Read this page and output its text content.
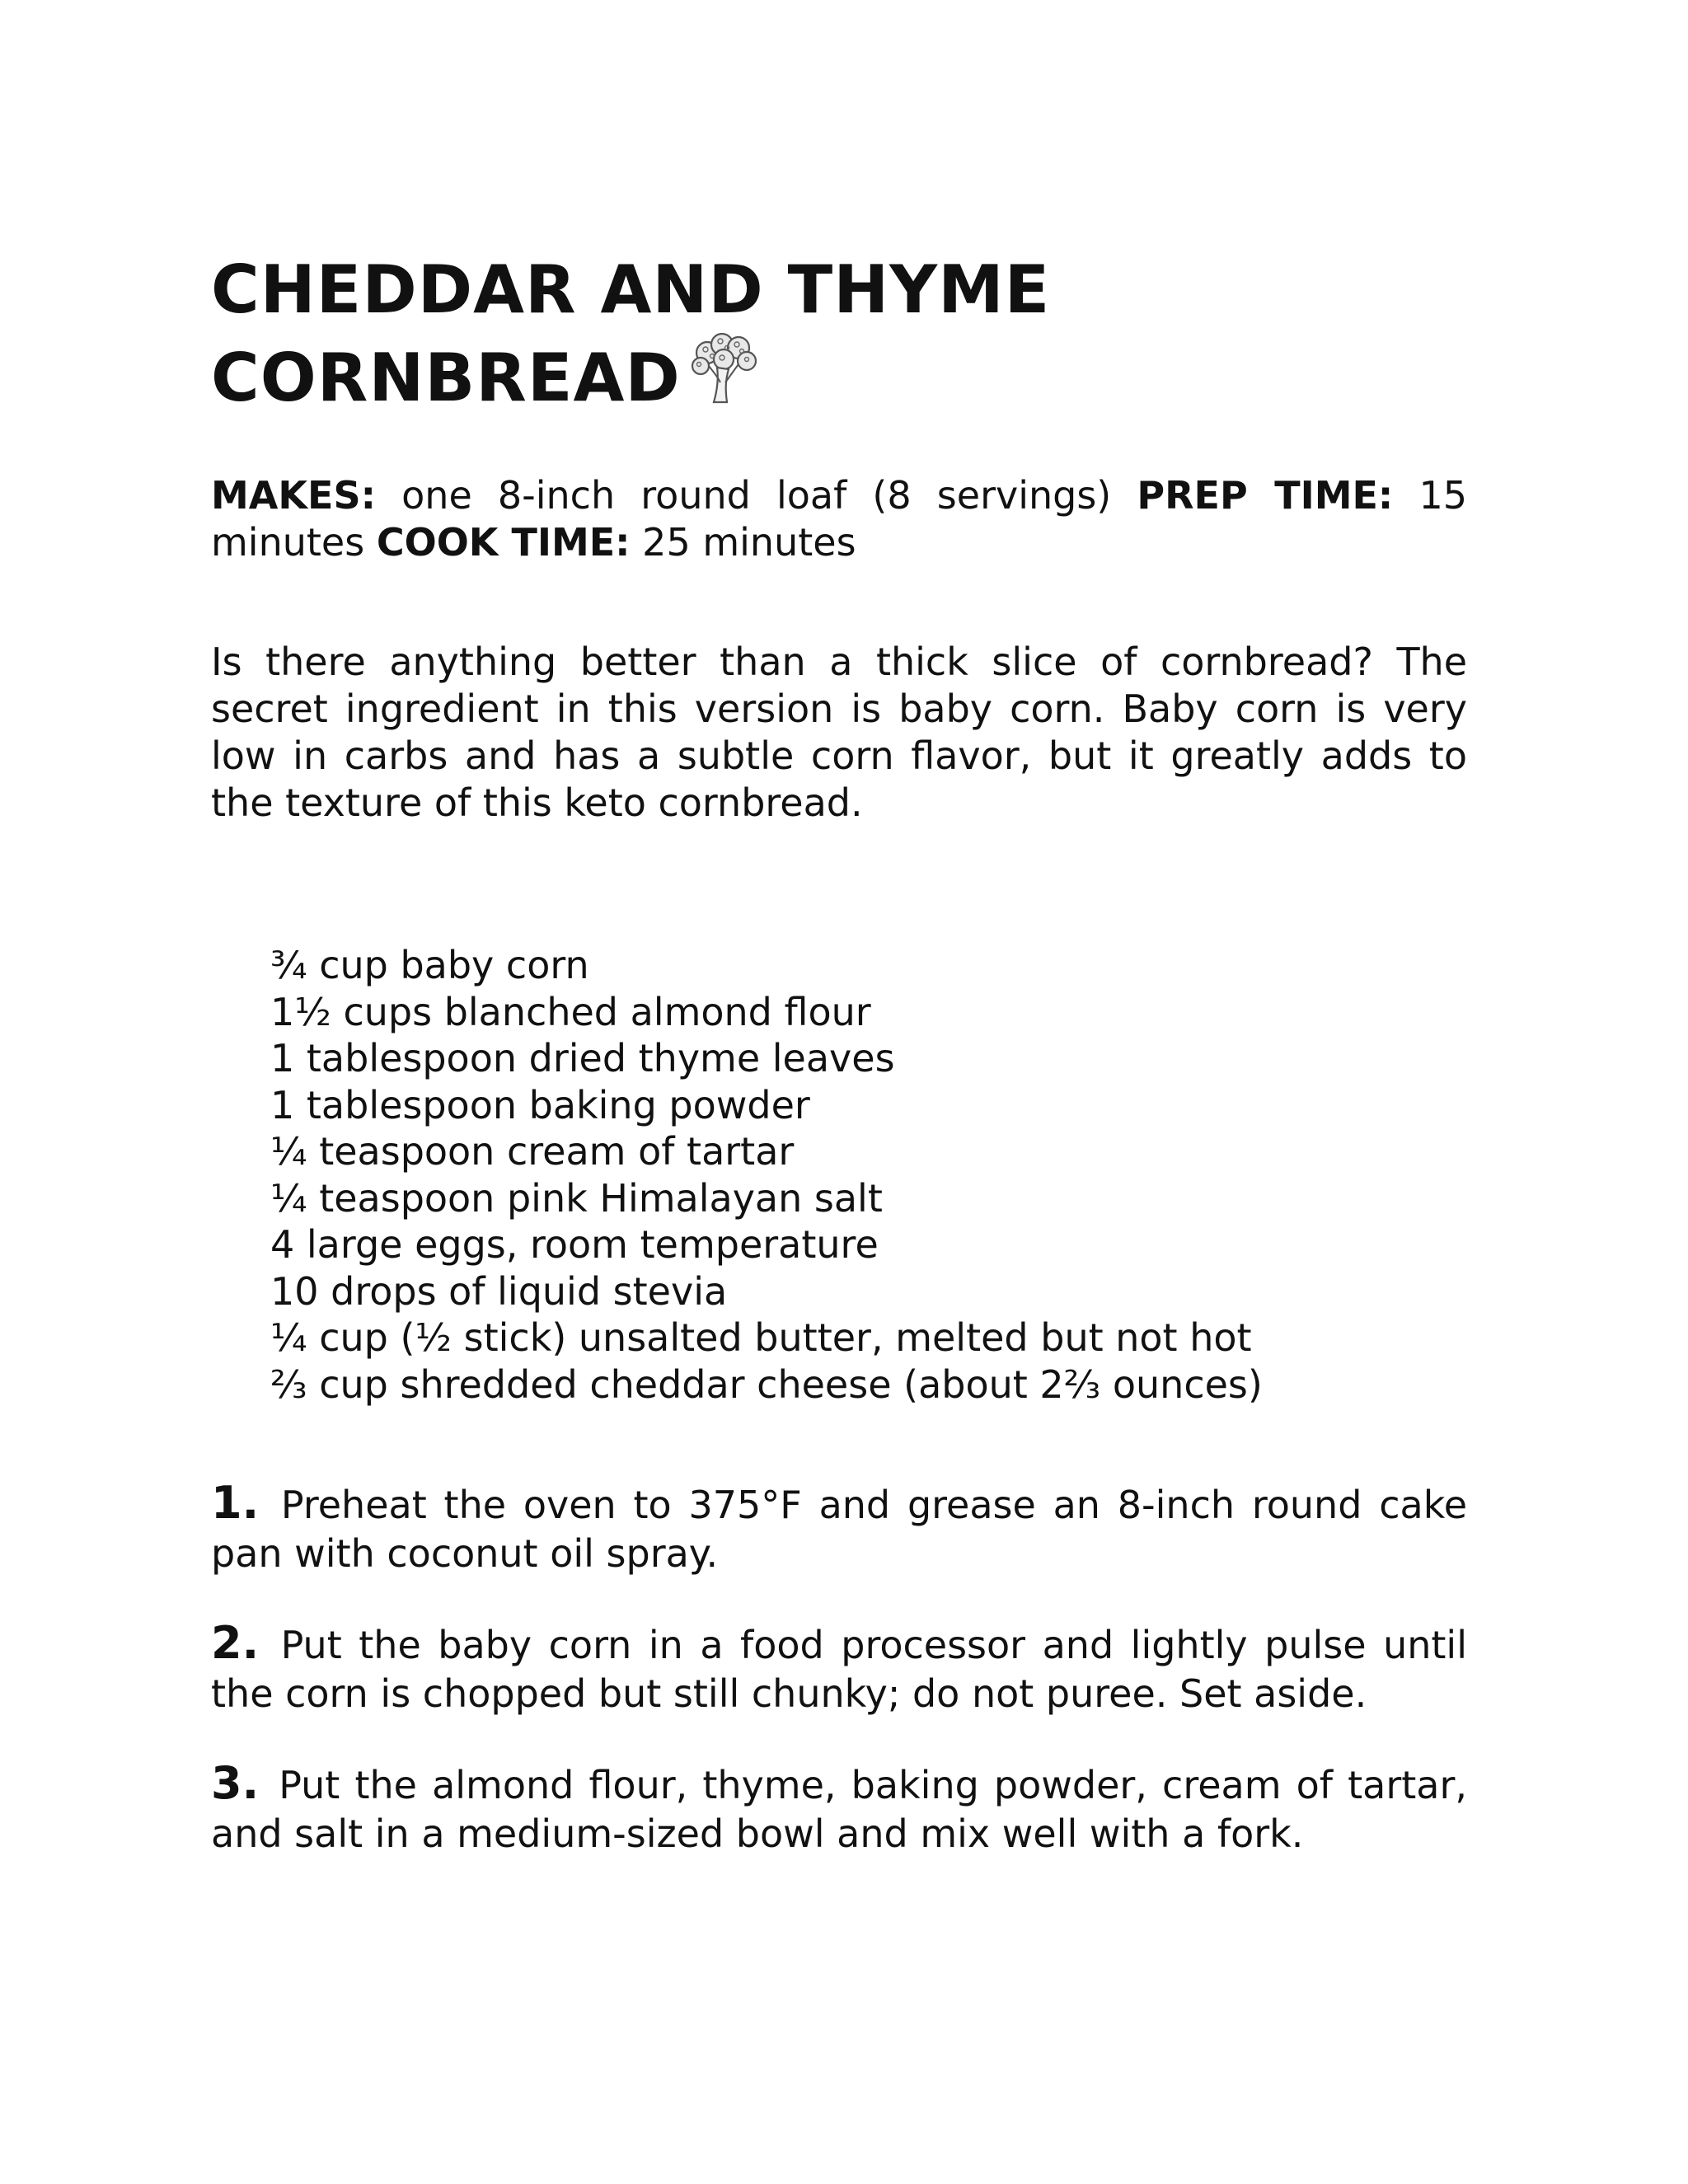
CHEDDAR AND THYME
CORNBREAD
MAKES: one 8-inch round loaf (8 servings) PREP TIME: 15 minutes COOK TIME: 25 minutes

Is there anything better than a thick slice of cornbread? The secret ingredient in this version is baby corn. Baby corn is very low in carbs and has a subtle corn flavor, but it greatly adds to the texture of this keto cornbread.

¾ cup baby corn
1½ cups blanched almond flour
1 tablespoon dried thyme leaves
1 tablespoon baking powder
¼ teaspoon cream of tartar
¼ teaspoon pink Himalayan salt
4 large eggs, room temperature
10 drops of liquid stevia
¼ cup (½ stick) unsalted butter, melted but not hot
⅔ cup shredded cheddar cheese (about 2⅔ ounces)

1. Preheat the oven to 375°F and grease an 8-inch round cake pan with coconut oil spray.

2. Put the baby corn in a food processor and lightly pulse until the corn is chopped but still chunky; do not puree. Set aside.

3. Put the almond flour, thyme, baking powder, cream of tartar, and salt in a medium-sized bowl and mix well with a fork.
